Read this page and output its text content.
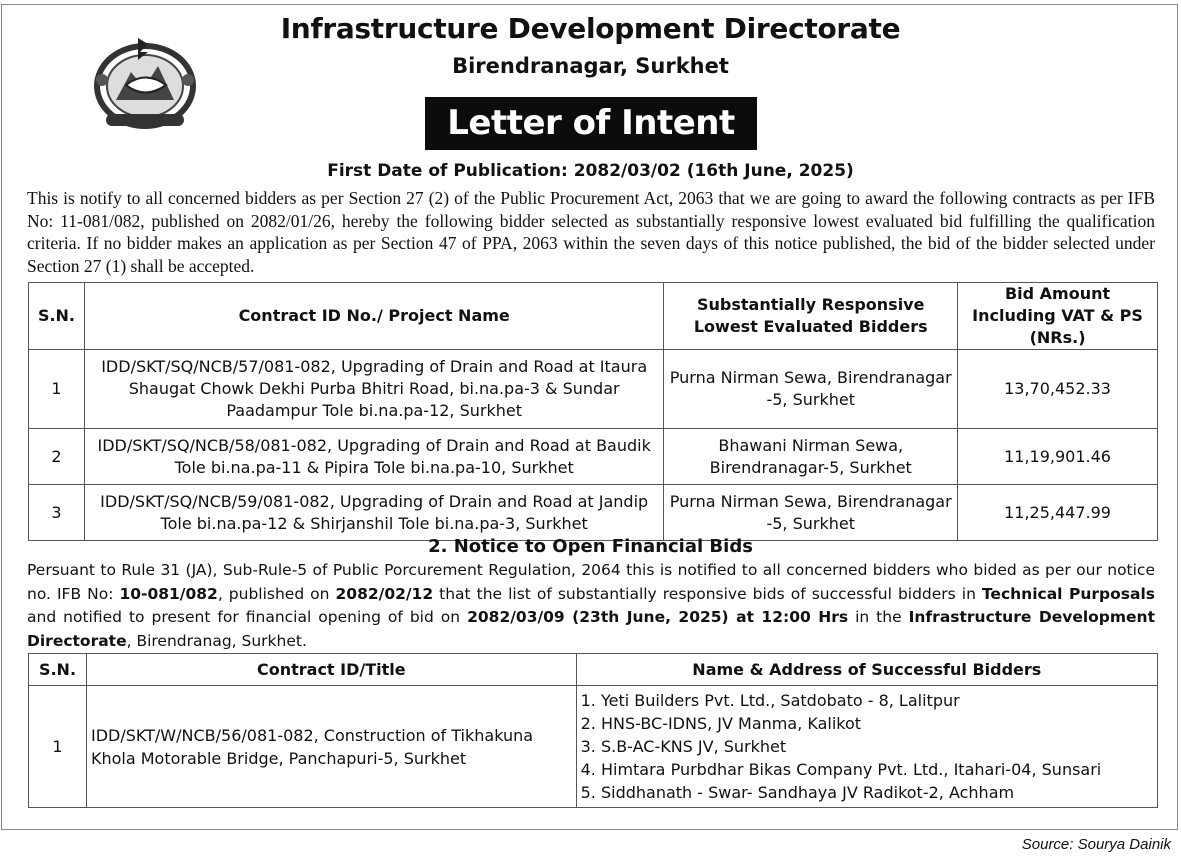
Infrastructure Development Directorate
Birendranagar, Surkhet
Letter of Intent
First Date of Publication: 2082/03/02 (16th June, 2025)
This is notify to all concerned bidders as per Section 27 (2) of the Public Procurement Act, 2063 that we are going to award the following contracts as per IFB No: 11-081/082, published on 2082/01/26, hereby the following bidder selected as substantially responsive lowest evaluated bid fulfilling the qualification criteria. If no bidder makes an application as per Section 47 of PPA, 2063 within the seven days of this notice published, the bid of the bidder selected under Section 27 (1) shall be accepted.
S.N.	Contract ID No./ Project Name	Substantially Responsive Lowest Evaluated Bidders	Bid Amount Including VAT & PS (NRs.)
1	IDD/SKT/SQ/NCB/57/081-082, Upgrading of Drain and Road at Itaura Shaugat Chowk Dekhi Purba Bhitri Road, bi.na.pa-3 & Sundar Paadampur Tole bi.na.pa-12, Surkhet	Purna Nirman Sewa, Birendranagar -5, Surkhet	13,70,452.33
2	IDD/SKT/SQ/NCB/58/081-082, Upgrading of Drain and Road at Baudik Tole bi.na.pa-11 & Pipira Tole bi.na.pa-10, Surkhet	Bhawani Nirman Sewa, Birendranagar-5, Surkhet	11,19,901.46
3	IDD/SKT/SQ/NCB/59/081-082, Upgrading of Drain and Road at Jandip Tole bi.na.pa-12 & Shirjanshil Tole bi.na.pa-3, Surkhet	Purna Nirman Sewa, Birendranagar -5, Surkhet	11,25,447.99
2. Notice to Open Financial Bids
Persuant to Rule 31 (JA), Sub-Rule-5 of Public Porcurement Regulation, 2064 this is notified to all concerned bidders who bided as per our notice no. IFB No: 10-081/082, published on 2082/02/12 that the list of substantially responsive bids of successful bidders in Technical Purposals and notified to present for financial opening of bid on 2082/03/09 (23th June, 2025) at 12:00 Hrs in the Infrastructure Development Directorate, Birendranag, Surkhet.
S.N.	Contract ID/Title	Name & Address of Successful Bidders
1	IDD/SKT/W/NCB/56/081-082, Construction of Tikhakuna Khola Motorable Bridge, Panchapuri-5, Surkhet	1. Yeti Builders Pvt. Ltd., Satdobato - 8, Lalitpur
2. HNS-BC-IDNS, JV Manma, Kalikot
3. S.B-AC-KNS JV, Surkhet
4. Himtara Purbdhar Bikas Company Pvt. Ltd., Itahari-04, Sunsari
5. Siddhanath - Swar- Sandhaya JV Radikot-2, Achham
Source: Sourya Dainik
